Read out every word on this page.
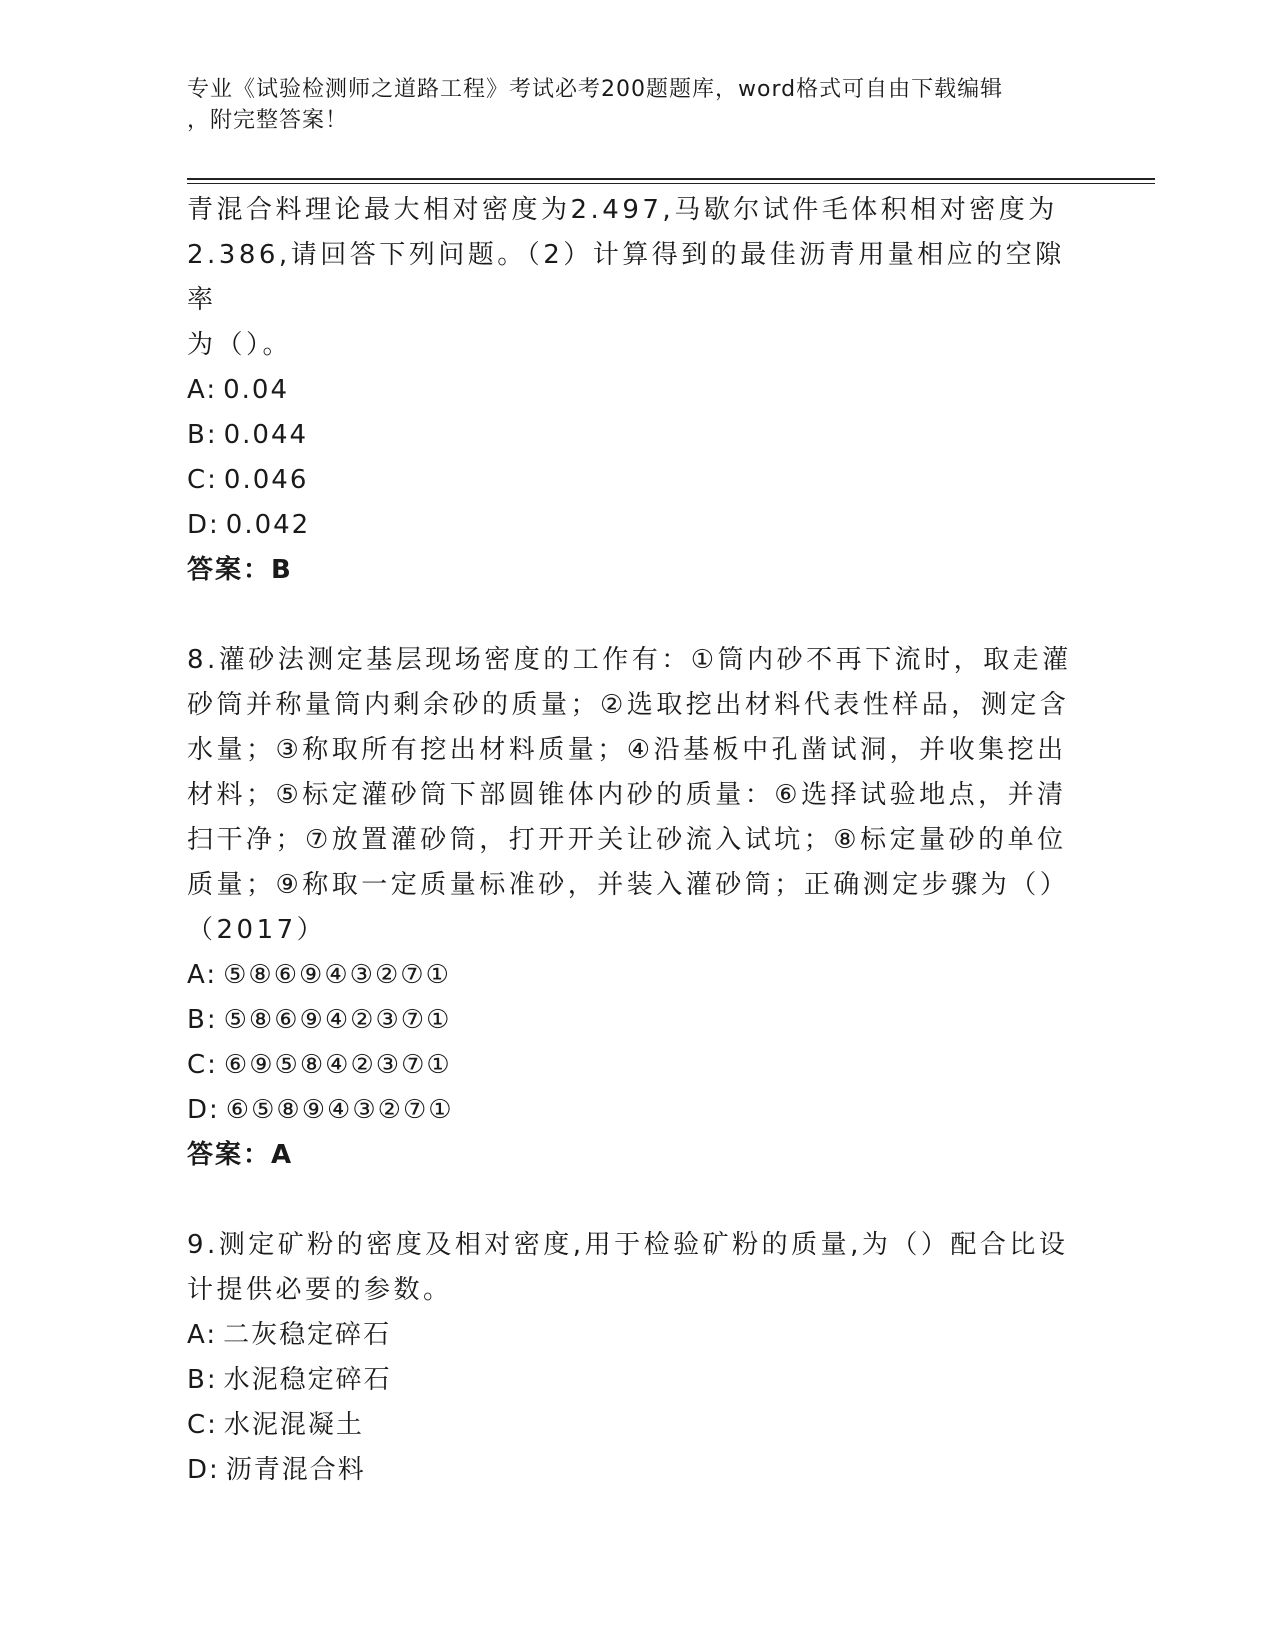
专业《试验检测师之道路工程》考试必考200题题库，word格式可自由下载编辑
，附完整答案！

青混合料理论最大相对密度为2.497,马歇尔试件毛体积相对密度为
2.386,请回答下列问题。（2）计算得到的最佳沥青用量相应的空隙率
为（）。

A: 0.04

B: 0.044

C: 0.046

D: 0.042

答案：B

8.灌砂法测定基层现场密度的工作有：①筒内砂不再下流时，取走灌
砂筒并称量筒内剩余砂的质量；②选取挖出材料代表性样品，测定含
水量；③称取所有挖出材料质量；④沿基板中孔凿试洞，并收集挖出
材料；⑤标定灌砂筒下部圆锥体内砂的质量：⑥选择试验地点，并清
扫干净；⑦放置灌砂筒，打开开关让砂流入试坑；⑧标定量砂的单位
质量；⑨称取一定质量标准砂，并装入灌砂筒；正确测定步骤为（）
（2017）

A: ⑤⑧⑥⑨④③②⑦①

B: ⑤⑧⑥⑨④②③⑦①

C: ⑥⑨⑤⑧④②③⑦①

D: ⑥⑤⑧⑨④③②⑦①

答案：A

9.测定矿粉的密度及相对密度,用于检验矿粉的质量,为（）配合比设
计提供必要的参数。

A: 二灰稳定碎石

B: 水泥稳定碎石

C: 水泥混凝土

D: 沥青混合料
